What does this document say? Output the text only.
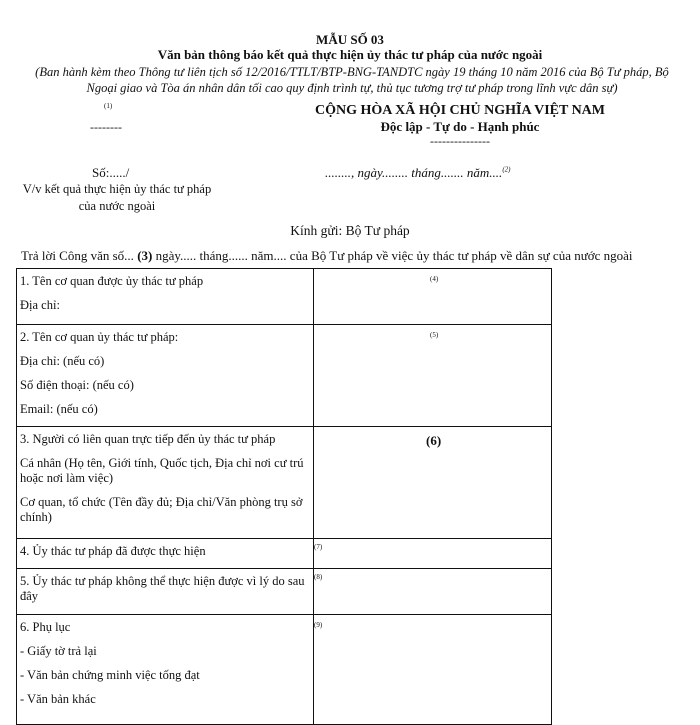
MẪU SỐ 03
Văn bản thông báo kết quả thực hiện ủy thác tư pháp của nước ngoài
(Ban hành kèm theo Thông tư liên tịch số 12/2016/TTLT/BTP-BNG-TANDTC ngày 19 tháng 10 năm 2016 của Bộ Tư pháp, Bộ Ngoại giao và Tòa án nhân dân tối cao quy định trình tự, thủ tục tương trợ tư pháp trong lĩnh vực dân sự)
(1)
--------
CỘNG HÒA XÃ HỘI CHỦ NGHĨA VIỆT NAM
Độc lập - Tự do - Hạnh phúc
---------------
Số:...../	........, ngày........ tháng....... năm....$^{(2)}$
V/v kết quả thực hiện ủy thác tư pháp của nước ngoài
Kính gửi: Bộ Tư pháp
Trả lời Công văn số... (3) ngày..... tháng...... năm.... của Bộ Tư pháp về việc ủy thác tư pháp về dân sự của nước ngoài

1. Tên cơ quan được ủy thác tư pháp

Địa chỉ:	(4)

2. Tên cơ quan ủy thác tư pháp:

Địa chỉ: (nếu có)

Số điện thoại: (nếu có)

Email: (nếu có)	(5)

3. Người có liên quan trực tiếp đến ủy thác tư pháp

Cá nhân (Họ tên, Giới tính, Quốc tịch, Địa chỉ nơi cư trú hoặc nơi làm việc)

Cơ quan, tổ chức (Tên đầy đủ; Địa chỉ/Văn phòng trụ sở chính)	(6)

4. Ủy thác tư pháp đã được thực hiện	(7)

5. Ủy thác tư pháp không thể thực hiện được vì lý do sau đây	(8)

6. Phụ lục

- Giấy tờ trả lại

- Văn bản chứng minh việc tống đạt

- Văn bản khác	(9)
